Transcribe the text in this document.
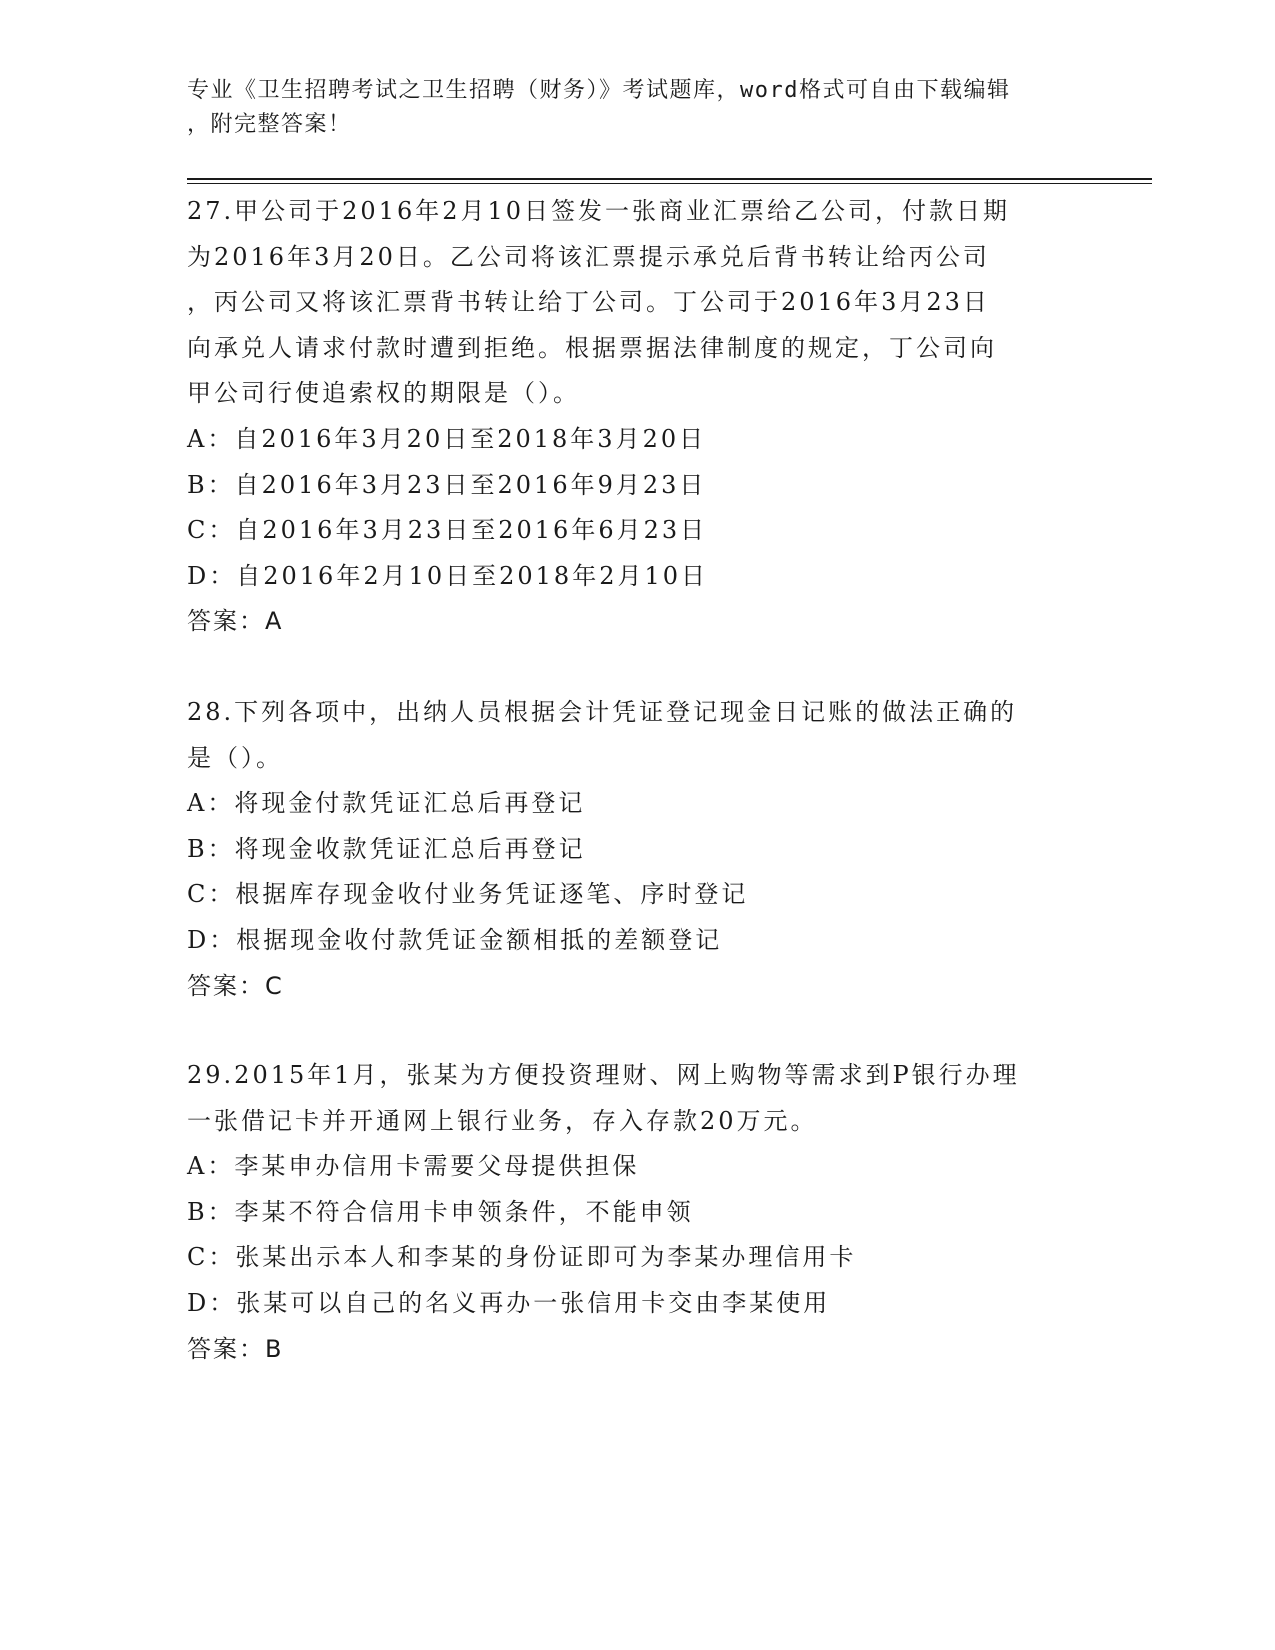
专业《卫生招聘考试之卫生招聘（财务）》考试题库，word格式可自由下载编辑
，附完整答案！

27.甲公司于2016年2月10日签发一张商业汇票给乙公司，付款日期

为2016年3月20日。乙公司将该汇票提示承兑后背书转让给丙公司

，丙公司又将该汇票背书转让给丁公司。丁公司于2016年3月23日

向承兑人请求付款时遭到拒绝。根据票据法律制度的规定，丁公司向

甲公司行使追索权的期限是（）。

A：自2016年3月20日至2018年3月20日

B：自2016年3月23日至2016年9月23日

C：自2016年3月23日至2016年6月23日

D：自2016年2月10日至2018年2月10日

答案：A

28.下列各项中，出纳人员根据会计凭证登记现金日记账的做法正确的

是（）。

A：将现金付款凭证汇总后再登记

B：将现金收款凭证汇总后再登记

C：根据库存现金收付业务凭证逐笔、序时登记

D：根据现金收付款凭证金额相抵的差额登记

答案：C

29.2015年1月，张某为方便投资理财、网上购物等需求到P银行办理

一张借记卡并开通网上银行业务，存入存款20万元。

A：李某申办信用卡需要父母提供担保

B：李某不符合信用卡申领条件，不能申领

C：张某出示本人和李某的身份证即可为李某办理信用卡

D：张某可以自己的名义再办一张信用卡交由李某使用

答案：B
